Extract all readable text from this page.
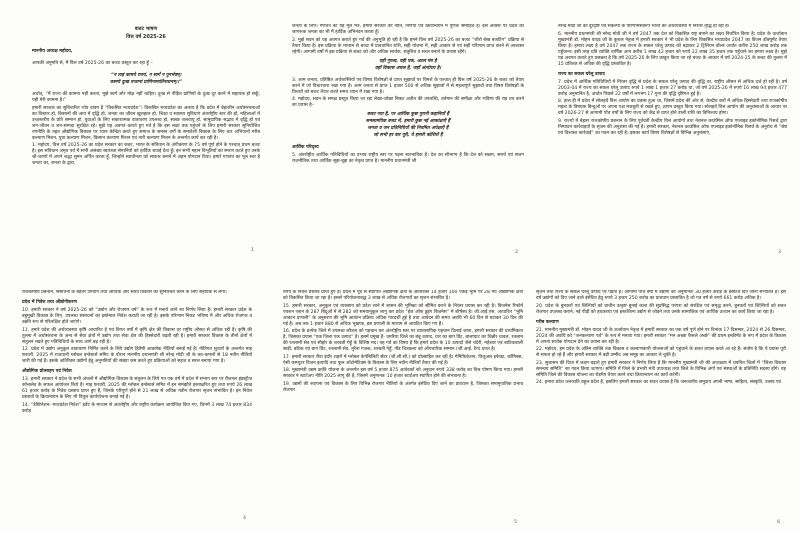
बजट भाषण

वित्त वर्ष 2025-26

माननीय अध्यक्ष महोदय,

आपकी अनुमति से, मैं वित्त वर्ष 2025-26 का बजट प्रस्तुत कर रहा हूँ –

“न त्वहं कामये राज्यं, न स्वर्गं न पुनर्भवम्।

कामये दुःख तप्तानां प्राणिनामार्तिनाशनम्।।”

अर्थात्, “मैं राज्य की कामना नहीं करता, मुझे स्वर्ग और मोक्ष नहीं चाहिए। दुःख से पीड़ित प्राणियों के दुःख दूर करने में सहायक हो सकूँ, यही मेरी कामना है।”

हमारी सरकार का सुविचारित ध्येय वाक्य है “विकसित मध्यप्रदेश”। विकसित मध्यप्रदेश का आशय है कि प्रदेश में बेहतरीन अधोसंरचनाओं का विस्तार हो, किसानों की आय में वृद्धि हो, जनता का जीवन खुशहाल हो, शिक्षा व स्वास्थ्य सुविधाएं अंतर्राष्ट्रीय स्तर की हों, महिलाओं में उच्चस्तरीय के प्रति सम्मान हो, युवाओं के लिए सकारात्मक वातावरण उपलब्ध हो, स्वच्छ जलवायु हो, सामुदायिक सद्भाव में वृद्धि हो एवं जन-जीवन व जन-सम्पदा सुरक्षित रहे। मुझे यह अवगत कराते हुए गर्व है कि इस लक्ष्य तक पहुंचने के लिए हमारी सरकार सुनियोजित रणनीति के तहत औद्योगिक विकास पर ध्यान केन्द्रित करते हुए समाज के समस्त वर्गों के समावेशी विकास के लिए चार अभियानों गरीब कल्याण मिशन, युवा कल्याण मिशन, किसान कल्याण मिशन एवं नारी कल्याण मिशन के अन्तर्गत कार्य कर रही है।

1. महोदय, वित्त वर्ष 2025-26 का प्रदेश सरकार का बजट, भारत के संविधान के अंगीकरण के 75 वर्ष पूर्ण होने के पश्चात् प्रथम बजट है। इस संविधान अमृत पर्व में सभी असंख्य स्वतंत्रता सेनानियों को हार्दिक बधाई देता हूँ। इन सभी महान विभूतियों का स्मरण करते हुए उनके श्री-चरणों में अपने श्रद्धा सुमन अर्पित करता हूँ, जिन्होंने स्वाधीनता को साकार बनाने में अहम योगदान दिया। हमारे गणतंत्र का मूल स्वर है जनता का, जनता के द्वारा,

1

जनता के लिए। गणतंत्र का यह मूल मंत्र, हमारी सरकार की नीति, निर्णयों एवं क्रियान्वयन में पूर्णतः समाहित है। इस अवसर पर प्रदेश की जागरूक जनता का भी मैं हार्दिक अभिनंदन करता हूँ।

2. मुझे सदन को यह अवगत कराते हुए गर्व की अनुभूति हो रही है कि हमने वित्त वर्ष 2025-26 का बजट “जीरो बेस्ड बजटिंग” प्रक्रिया से तैयार किया है। इस प्रक्रिया के माध्यम से बजट में प्रावधानित राशि, सही योजना में, सही आकार से एवं सही परिणाम प्राप्त करने से आश्वस्त रहेगी। आगामी वर्षों में इस प्रक्रिया से बजट को और अधिक सार्थक, संतुलित व सरल बनाने के प्रयास रहेंगे।

यही गुरुत्व, यही एक, अटल मंत्र है

वहाँ विकास अचल है, जहाँ अंत्योदय है।

3. आम जनता, प्रतिष्ठित अर्थशास्त्रियों एवं विषय विशेषज्ञों से प्राप्त सुझावों पर विमर्श के पश्चात् ही वित्त वर्ष 2025-26 के बजट को तैयार करने में जो विचारधारा रखा गया है। आम जनता से प्राप्त 1 हजार 500 से अधिक सुझावों में से महत्वपूर्ण सुझावों तथा विषय विशेषज्ञों के विचारों को बजट तैयार करते समय ध्यान में रखा गया है।

4. महोदय, सदन के समक्ष प्रस्तुत किया जा रहा लेखा-जोखा निकट अतीत की उपलब्धि, वर्तमान की समीक्षा और भविष्य की राह तय करने का प्रयास है–

बजट नया है, पर आर्थिक कुछ पुरानी कहानियाँ हैं

समसामयिक बजट में, हमारी कुछ नई आकांक्षाएँ हैं

जनता व जन प्रतिनिधियों की नियमित अपेक्षाएँ हैं

जो सभी हर बार पूरी, ये हमारी कोशिशें हैं

आर्थिक परिदृश्य

5. अंतर्राष्ट्रीय आर्थिक गतिविधियों का प्रभाव राष्ट्रीय स्तर पर पड़ना स्वाभाविक है। देश का सौभाग्य है कि देश को सक्षम, समर्थ एवं सजग राजनीतिक तथा आर्थिक सूझ-बूझ का नेतृत्व प्राप्त है। माननीय प्रधानमंत्री श्री

2

नरेन्द्र मोदी जी की दूरदृष्टि एवं संकल्पों के परिणामस्वरूप भारत की अर्थव्यवस्था में निरंतर वृद्धि हो रही है।

6. माननीय प्रधानमंत्री श्री नरेन्द्र मोदी जी ने वर्ष 2047 तक देश को विकसित राष्ट्र बनाने का लक्ष्य निर्धारित किया है। प्रदेश के ऊर्जावान मुख्यमंत्री डॉ. मोहन यादव जी के कुशल नेतृत्व में हमारी सरकार ने भी प्रदेश के लिए विकसित मध्यप्रदेश 2047 का विजन डॉक्यूमेंट तैयार किया है। हमारा लक्ष्य है वर्ष 2047 तक राज्य के सकल घरेलू उत्पाद को बढ़ाकर 2 ट्रिलियन डॉलर अर्थात करीब 250 लाख करोड़ तक पहुँचाना। इसी तरह प्रति व्यक्ति वार्षिक आय करीब 1 लाख 42 हजार को रुपये 22 लाख 35 हजार तक पहुँचाने का हमारा लक्ष्य है। मुझे यह अवगत कराते हुए प्रसन्नता है कि वर्ष 2025-26 के लिए प्रस्तुत किया जा रहे बजट के आकार में वर्ष 2024-25 के बजट की तुलना में 15 प्रतिशत से अधिक की वृद्धि प्रस्तावित है।

राज्य का सकल घरेलू उत्पाद

7. प्रदेश में आर्थिक गतिविधियों में निरंतर वृद्धि से प्रदेश के सकल घरेलू उत्पाद की वृद्धि दर, राष्ट्रीय औसत से अधिक दर्ज हो रही है। वर्ष 2003-04 में राज्य का सकल घरेलू उत्पाद रुपये 1 लाख 1 हजार 27 करोड़ था, जो वर्ष 2025-26 में रुपये 16 लाख 94 हजार 477 करोड़ अनुमानित है, अर्थात पिछले 22 वर्षों में लगभग 17 गुना की वृद्धि दृष्टिगत हुई है।

8. हाल ही में प्रदेश में सोलहवें वित्त आयोग का प्रवास हुआ था, जिसमें प्रदेश की ओर से, केन्द्रीय करों में अधिक हिस्सेदारी तथा राजकोषीय महत्व के विषयक बिन्दुओं पर अपना पक्ष मजबूती से रखते हुए, ज्ञापन प्रस्तुत किया गया। सोलहवें वित्त आयोग की अनुशंसाओं के आधार पर वर्ष 2026-27 से आगामी पाँच वर्षों के लिए राज्य को केंद्र से प्राप्त होने वाली राशि का विनिश्चय होगा।

9. राज्यों में बेहतर राजकोषीय प्रबन्धन के लिए पूर्ववर्ती केन्द्रीय वित्त आयोगों तथा नेशनल काउंसिल ऑफ एप्लाइड इकोनॉमिक रिसर्च द्वारा निष्पादन कार्रवाइयों के सृजन की अनुशंसा की गई है। हमारी सरकार, नेशनल काउंसिल ऑफ एप्लाइड इकोनॉमिक रिसर्च के अनुरोध से “श्रेष्ठ एवं विश्वस्त कार्रवाई” का गठन कर रही है। इसका कार्य विषय विशेषज्ञों से विभिन्न अनुशंसाएं,

3

राजकोषीय प्रबन्धन, संसाधनों के बेहतर उपयोग तथा आर्थिक और सतत विकास को सुनिश्चित करने के लिए सहायक से लेंगी।

प्रदेश में निवेश तथा औद्योगीकरण

10. हमारी सरकार ने वर्ष 2025-26 को “उद्योग और रोजगार वर्ष” के रूप में मनाये जाने का निर्णय लिया है। हमारी सरकार प्रदेश के बहुमुखी विकास के लिए, उपलब्ध संसाधनों का इस्तेमाल निवेश कराती जा रही है। इसके परिणाम निकट भविष्य में और अधिक रोजगार व उन्नति रूप से परिलक्षित होते जाएंगे।

11. हमारे प्रदेश की अर्थव्यवस्था कृषि आधारित है एवं विगत वर्षों में कृषि क्षेत्र की विकास दर राष्ट्रीय औसत से अधिक रही है। कृषि की तुलना में अधोसंरचना के अन्य से सेवा क्षेत्रों में उद्योग तथा सेवा क्षेत्र की हिस्सेदारी बढ़ती रही है। हमारी सरकार विकास के तीनों क्षेत्रों में संतुलन रखते हुए गतिविधियों के साथ आगे बढ़ रही है।

12. प्रदेश में उद्योग अनुकूल वातावरण निर्मित करने के लिये उद्योग हितैषी आकर्षक नीतियाँ बनाई गई हैं। नीतिगत सुधारों के अन्तर्गत माह फरवरी, 2025 में राजधानी ग्लोबल इन्वेस्टर्स समिट के दौरान माननीय प्रधानमंत्री श्री नरेन्द्र मोदी जी के कर-कमलों से 18 नवीन नीतियाँ जारी की गई हैं। इसके अतिरिक्त उद्योगों हेतु अनुमतियों की संख्या कम करते हुए प्रक्रियाओं को सहज व सरल बनाया गया है।

औद्योगिक प्रोत्साहन एवं निवेश

13. हमारी सरकार ने प्रदेश के सभी अंचलों में औद्योगिक विकास के संतुलन के लिये गत एक वर्ष में प्रदेश में संभाग स्तर पर रीजनल इंडस्ट्रीज कॉन्क्लेव के सफल आयोजन किये हैं। माह फरवरी, 2025 की ग्लोबल इन्वेस्टर्स समिट में इन समझौते हस्ताक्षरित हुए तथा रुपये 26 लाख 61 हजार करोड़ के निवेश प्रस्ताव प्राप्त हुए हैं, जिनके परिपूर्ण होने से 21 लाख से अधिक नवीन रोजगार सृजन संभावित है। इन निवेश प्रस्तावों के क्रियान्वयन के लिए भी विपुल कार्ययोजना बनाई गई है।

14. “डेस्टिनेशन- मध्यप्रदेश निवेश” इवेंट के माध्यम से अंतर्राष्ट्रीय और राष्ट्रीय कार्यक्रम आयोजित किए गए, जिनमें 3 लाख 74 हजार 834 करोड़

4

रुपये के निवेश प्रस्ताव प्राप्त हुए हैं। प्रदेश में पूर्व से स्थापित औद्योगिक क्षेत्रों के अतिरिक्त 14 हजार 100 एकड़ भूमि पर 28 नये औद्योगिक क्षेत्रों को विकसित किया जा रहा है। इससे परियोजनाबद्ध 3 लाख से अधिक रोजगारों का सृजन संभावित है।

15. हमारी सरकार, अनुकूल एवं व्यवसाय को प्रदेश लाने में शासन की भूमिका को सीमित करने के निरंतर प्रयास कर रही है। बिजनेस रिफॉर्म एक्शन प्लान के 287 बिंदुओं में से 282 को समयानुकूल लागू कर प्रदेश “ईज ऑफ डूइंग बिजनेस” में शीर्षस्थ है। जी.आई.एस. आधारित “भूमि आवंटन प्रणाली” के अनुसरण की भूमि आवंटन प्रक्रिया अधिक पारदर्शी हुई है तथा आवेदन की समय अवधि भी 60 दिन से घटाकर 30 दिन की गई है। अब तक 1 हजार 880 से अधिक भूखण्ड, इस प्रणाली के माध्यम से आवंटित किए गए हैं।

16. प्रदेश के प्रत्येक जिले में उपलब्ध कौशल को पहचान कर अंतर्राष्ट्रीय स्तर पर व्यावसायिक पहचान दिलाई जाना, हमारी सरकार की प्राथमिकता है, जिसका प्रयास “एक जिला एक उत्पाद” है। इसमें प्रमुख हैं- उमरिया जिले का बंबू उत्पाद, धार का बाग प्रिंट, बालाघाट का चिन्नौर चावल, रतलाम की रतलामी सेव एवं सीहोर के शरबती गेहूँ के विशिष्ट मद। यह गर्व का विषय है कि हमारे प्रदेश के 10 उत्पादों जैसे चंदेरी, महेश्वर एवं बाटिकवाली साड़ी, बटिक एवं बाग प्रिंट, रतलामी सेव, मुरैना गजक, शरबती गेहूँ, गौंड चित्रकला को औपचारिक सम्मान (जी.आई. टैग) प्राप्त है।

17. हमारी सरकार रीवा इंदौर शहरों में ग्लोबल केपेबिलिटी सेंटर (जी.सी.सी.) को प्रोत्साहित कर रही है। गेमिफिकेशन, विजुअल इफेक्ट, कॉमिक्स, ऐसी कम्प्यूटर विजन इत्यादि तथा फुल ऑटोमेटिक्स के विकास के लिए नवीन नीतियाँ तैयार की गई हैं।

18. मुख्यमंत्री उद्यम क्रांति योजना के अन्तर्गत इस वर्ष 5 हजार 875 आवेदकों को अनुदान रुपये 338 करोड़ का वित्त पोषण किया गया। हमारी सरकार ने स्टार्टअप नीति 2025 लागू की है, जिसमें अनुमानतः 10 हजार स्टार्टअप स्थापित होने की संभावना है।

19. उद्यमों की स्थापना एवं विकास के लिए विभिन्न रोजगार नीतियों के अंतर्गत इंसेंटिव दिए जाने का प्रावधान है, जिसका समानुपातिक प्रभाव रोजगार

5

सृजन तथा राज्य के सकल घरेलू उत्पाद पर पड़ता है। आगामी पाँच वर्षों में उद्योगों को अनुमानतः 30 हजार करोड़ के इंसेंटिव दिए जाना संभावित है। इस वर्ष उद्योगों को दिए जाने वाले इंसेंटिव हेतु रुपये 3 हजार 250 करोड़ का प्रावधान प्रस्तावित है जो गत वर्ष से रुपये 661 करोड़ अधिक है।

20. प्रदेश के बुनकरों एवं शिल्पियों को प्राचीन उत्कृष्ट बुनाई कला की सुप्रसिद्ध परंपरा को संरक्षित एवं समृद्ध करने, बुनकरों एवं शिल्पियों को सतत रोजगार उपलब्ध कराने, नई पीढ़ी को हथकरघा एवं हस्तशिल्प उद्योग से जोड़ने तथा उनके सामाजिक एवं आर्थिक उत्थान का कार्य किया जा रहा है।

गरीब कल्याण

21. माननीय मुख्यमंत्री डॉ. मोहन यादव जी के ऊर्जावान नेतृत्व में हमारी सरकार का एक वर्ष पूर्ण होने पर दिनांक 17 दिसम्बर, 2024 से 26 दिसम्बर, 2024 की अवधि को “जनकल्याण पर्व” के रूप में मनाया गया। हमारी सरकार “मन अच्छा फैसले अच्छे” की प्रथम इन्क्रीमेंट के रूप में प्रदेश के विकास में अपना सार्थक योगदान देने का प्रयास कर रही है।

22. महोदय, हम प्रदेश के अंतिम व्यक्ति तक विकास व कल्याणकारी योजनाओं को पहुंचाने के सतत प्रयास करते आ रहे हैं। संतोष है कि ये प्रयास पूरी से सफल हो रहे हैं और हमारी सरकार में बड़ी उम्मीद अब समूह का आकार ले चुकी है।

23. सुशासन की दिशा में कदम बढ़ाते हुए हमारी सरकार ने निर्णय लिया है कि माननीय मुख्यमंत्री जी की अध्यक्षता में चयनित जिलों में “जिला विकास समन्वय समिति” का गठन किया जाएगा। समिति में जिले के प्रभारी मंत्री उपाध्यक्ष तथा जिले के विभिन्न अंगों एवं संस्थाओं के प्रतिनिधि सदस्य होंगे। यह समिति जिले की विकास योजना का रोडमैप तैयार करने तथा क्रियान्वयन का कार्य करेगी।

24. हमारा प्रदेश जनजाति बहुल प्रदेश है, इसलिए हमारी सरकार का सतत प्रयास है कि जनजातीय समुदाय अपनी भाषा, साहित्य, संस्कृति, उत्सव एवं

6
